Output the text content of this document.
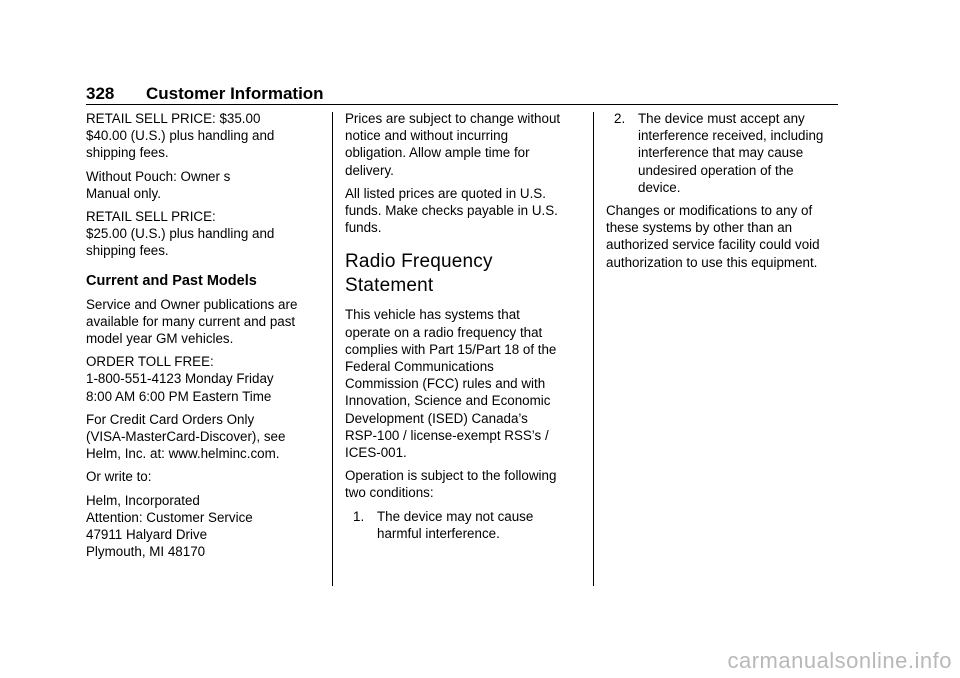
328 Customer Information

RETAIL SELL PRICE: $35.00
$40.00 (U.S.) plus handling and
shipping fees.

Without Pouch: Owner s
Manual only.

RETAIL SELL PRICE:
$25.00 (U.S.) plus handling and
shipping fees.

Current and Past Models

Service and Owner publications are
available for many current and past
model year GM vehicles.

ORDER TOLL FREE:
1-800-551-4123 Monday Friday
8:00 AM 6:00 PM Eastern Time

For Credit Card Orders Only
(VISA-MasterCard-Discover), see
Helm, Inc. at: www.helminc.com.

Or write to:

Helm, Incorporated
Attention: Customer Service
47911 Halyard Drive
Plymouth, MI 48170

Prices are subject to change without
notice and without incurring
obligation. Allow ample time for
delivery.

All listed prices are quoted in U.S.
funds. Make checks payable in U.S.
funds.

Radio Frequency
Statement

This vehicle has systems that
operate on a radio frequency that
complies with Part 15/Part 18 of the
Federal Communications
Commission (FCC) rules and with
Innovation, Science and Economic
Development (ISED) Canada’s
RSP-100 / license-exempt RSS’s /
ICES-001.

Operation is subject to the following
two conditions:

1. The device may not cause
harmful interference.
2. The device must accept any
interference received, including
interference that may cause
undesired operation of the
device.

Changes or modifications to any of
these systems by other than an
authorized service facility could void
authorization to use this equipment.

carmanualsonline.info
